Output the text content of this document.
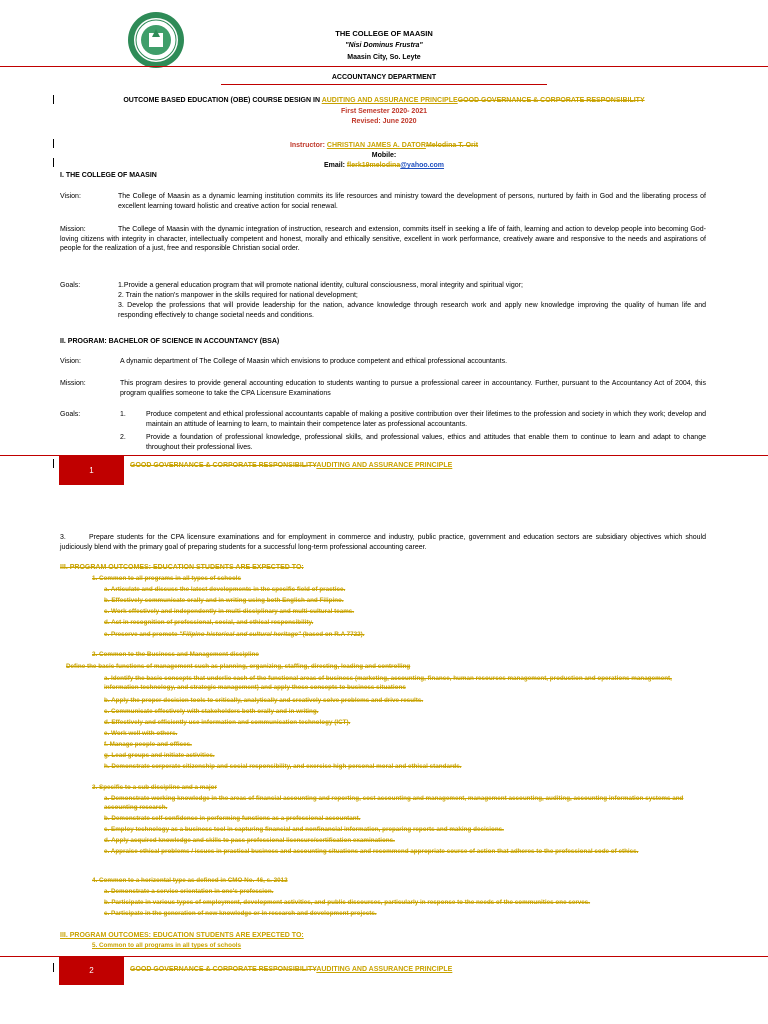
THE COLLEGE OF MAASIN
"Nisi Dominus Frustra"
Maasin City, So. Leyte
ACCOUNTANCY DEPARTMENT
OUTCOME BASED EDUCATION (OBE) COURSE DESIGN IN AUDITING AND ASSURANCE PRINCIPLEGOOD GOVERNANCE & CORPORATE RESPONSIBILITY
First Semester 2020- 2021
Revised: June 2020
Instructor: CHRISTIAN JAMES A. DATORMelodina T. Orit
Mobile:
Email: flerk19melodina@yahoo.com
I. THE COLLEGE OF MAASIN
Vision:	The College of Maasin as a dynamic learning institution commits its life resources and ministry toward the development of persons, nurtured by faith in God and the liberating process of excellent learning toward holistic and creative action for social renewal.
Mission:	The College of Maasin with the dynamic integration of instruction, research and extension, commits itself in seeking a life of faith, learning and action to develop people into becoming God-loving citizens with integrity in character, intellectually competent and honest, morally and ethically sensitive, excellent in work performance, creatively aware and responsive to the needs and aspirations of people for the realization of a just, free and responsible Christian social order.
Goals:	1.Provide a general education program that will promote national identity, cultural consciousness, moral integrity and spiritual vigor;
2. Train the nation's manpower in the skills required for national development;
3. Develop the professions that will provide leadership for the nation, advance knowledge through research work and apply new knowledge improving the quality of human life and responding effectively to change societal needs and conditions.
II. PROGRAM: BACHELOR OF SCIENCE IN ACCOUNTANCY (BSA)
Vision:	A dynamic department of The College of Maasin which envisions to produce competent and ethical professional accountants.
Mission:	This program desires to provide general accounting education to students wanting to pursue a professional career in accountancy. Further, pursuant to the Accountancy Act of 2004, this program qualifies someone to take the CPA Licensure Examinations
Goals:	1.	Produce competent and ethical professional accountants capable of making a positive contribution over their lifetimes to the profession and society in which they work; develop and maintain an attitude of learning to learn, to maintain their competence later as professional accountants.
2.	Provide a foundation of professional knowledge, professional skills, and professional values, ethics and attitudes that enable them to continue to learn and adapt to change throughout their professional lives.
1
GOOD GOVERNANCE & CORPORATE RESPONSIBILITYAUDITING AND ASSURANCE PRINCIPLE
3.	Prepare students for the CPA licensure examinations and for employment in commerce and industry, public practice, government and education sectors are subsidiary objectives which should judiciously blend with the primary goal of preparing students for a successful long-term professional accounting career.
III. PROGRAM OUTCOMES: EDUCATION STUDENTS ARE EXPECTED TO:
1. Common to all programs in all types of schools
a. Articulate and discuss the latest developments in the specific field of practice.
b. Effectively communicate orally and in writing using both English and Filipino.
c. Work effectively and independently in multi-disciplinary and multi-cultural teams.
d. Act in recognition of professional, social, and ethical responsibility.
e. Preserve and promote "Filipino historical and cultural heritage" (based on R.A 7722).
2. Common to the Business and Management discipline
Define the basic functions of management such as planning, organizing, staffing, directing, leading and controlling
a. Identify the basic concepts that underlie each of the functional areas of business (marketing, accounting, finance, human resources management, production and operations management, information technology, and strategic management) and apply these concepts to business situations
b. Apply the proper decision tools to critically, analytically and creatively solve problems and drive results.
c. Communicate effectively with stakeholders both orally and in writing.
d. Effectively and efficiently use information and communication technology (ICT).
e. Work well with others.
f. Manage people and offices.
g. Lead groups and initiate activities.
h. Demonstrate corporate citizenship and social responsibility, and exercise high personal moral and ethical standards.
3. Specific to a sub discipline and a major
a. Demonstrate working knowledge in the areas of financial accounting and reporting, cost accounting and management, management accounting, auditing, accounting information systems and accounting research.
b. Demonstrate self-confidence in performing functions as a professional accountant.
c. Employ technology as a business tool in capturing financial and nonfinancial information, preparing reports and making decisions.
d. Apply acquired knowledge and skills to pass professional licensure/certification examinations.
e. Appraise ethical problems / issues in practical business and accounting situations and recommend appropriate course of action that adheres to the professional code of ethics.
4. Common to a horizontal type as defined in CMO No. 46, s. 2012
a. Demonstrate a service orientation in one's profession.
b. Participate in various types of employment, development activities, and public discourses, particularly in response to the needs of the communities one serves.
c. Participate in the generation of new knowledge or in research and development projects.
III. PROGRAM OUTCOMES: EDUCATION STUDENTS ARE EXPECTED TO:
5. Common to all programs in all types of schools
2	GOOD GOVERNANCE & CORPORATE RESPONSIBILITYAUDITING AND ASSURANCE PRINCIPLE
